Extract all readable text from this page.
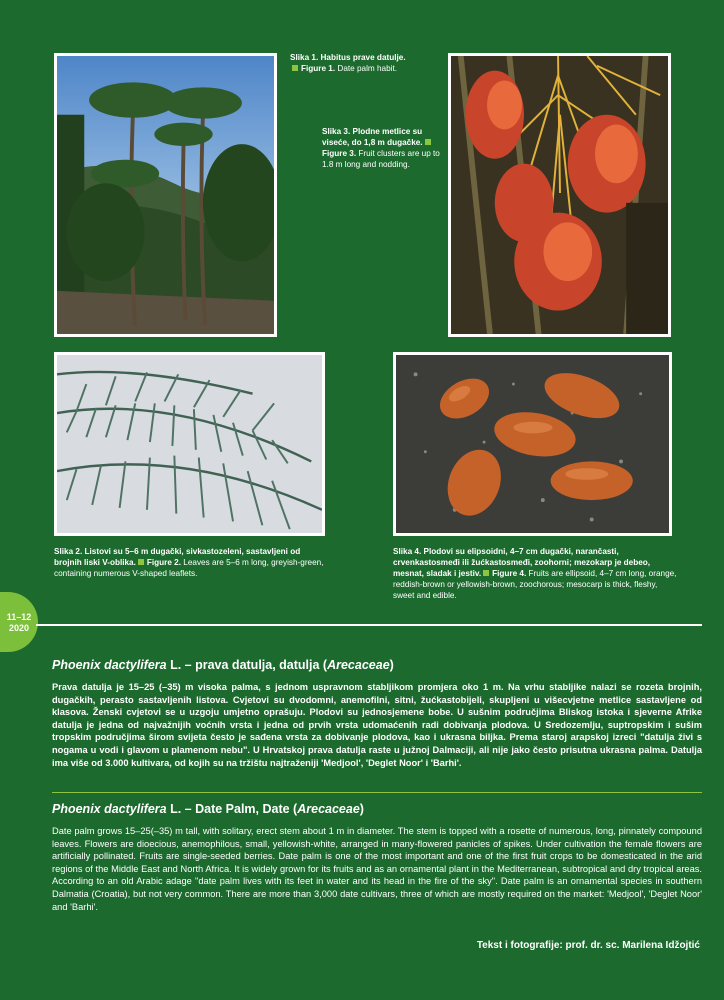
Slika 1. Habitus prave datulje.
Figure 1. Date palm habit.
Slika 3. Plodne metlice su viseće, do 1,8 m dugačke.
Figure 3. Fruit clusters are up to 1.8 m long and nodding.
Slika 2. Listovi su 5–6 m dugački, sivkastozeleni, sastavljeni od brojnih liski V-oblika. Figure 2. Leaves are 5–6 m long, greyish-green, containing numerous V-shaped leaflets.
Slika 4. Plodovi su elipsoidni, 4–7 cm dugački, narančasti, crvenkastosmeđi ili žućkastosmeđi, zoohorni; mezokarp je debeo, mesnat, sladak i jestiv. Figure 4. Fruits are ellipsoid, 4–7 cm long, orange, reddish-brown or yellowish-brown, zoochorous; mesocarp is thick, fleshy, sweet and edible.
11–12
2020
Phoenix dactylifera L. – prava datulja, datulja (Arecaceae)
Prava datulja je 15–25 (–35) m visoka palma, s jednom uspravnom stabljikom promjera oko 1 m. Na vrhu stabljike nalazi se rozeta brojnih, dugačkih, perasto sastavljenih listova. Cvjetovi su dvodomni, anemofilni, sitni, žućkastobijeli, skupljeni u višecvjetne metlice sastavljene od klasova. Ženski cvjetovi se u uzgoju umjetno oprašuju. Plodovi su jednosjemene bobe. U sušnim područjima Bliskog istoka i sjeverne Afrike datulja je jedna od najvažnijih voćnih vrsta i jedna od prvih vrsta udomaćenih radi dobivanja plodova. U Sredozemlju, suptropskim i sušim tropskim područjima širom svijeta često je sađena vrsta za dobivanje plodova, kao i ukrasna biljka. Prema staroj arapskoj izreci "datulja živi s nogama u vodi i glavom u plamenom nebu". U Hrvatskoj prava datulja raste u južnoj Dalmaciji, ali nije jako često prisutna ukrasna palma. Datulja ima više od 3.000 kultivara, od kojih su na tržištu najtraženiji 'Medjool', 'Deglet Noor' i 'Barhi'.
Phoenix dactylifera L. – Date Palm, Date (Arecaceae)
Date palm grows 15–25(–35) m tall, with solitary, erect stem about 1 m in diameter. The stem is topped with a rosette of numerous, long, pinnately compound leaves. Flowers are dioecious, anemophilous, small, yellowish-white, arranged in many-flowered panicles of spikes. Under cultivation the female flowers are artificially pollinated. Fruits are single-seeded berries. Date palm is one of the most important and one of the first fruit crops to be domesticated in the arid regions of the Middle East and North Africa. It is widely grown for its fruits and as an ornamental plant in the Mediterranean, subtropical and dry tropical areas. According to an old Arabic adage "date palm lives with its feet in water and its head in the fire of the sky". Date palm is an ornamental species in southern Dalmatia (Croatia), but not very common. There are more than 3,000 date cultivars, three of which are mostly required on the market: 'Medjool', 'Deglet Noor' and 'Barhi'.
Tekst i fotografije: prof. dr. sc. Marilena Idžojtić
